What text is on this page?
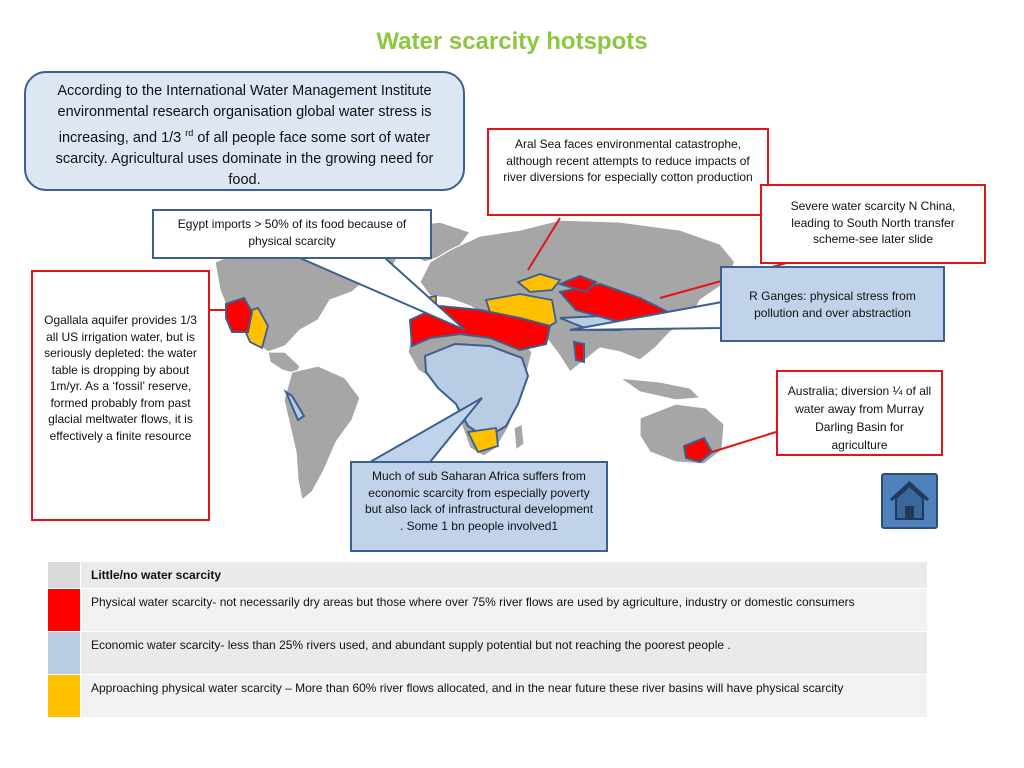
Water scarcity hotspots
According to the International Water Management Institute environmental research organisation global water stress is increasing, and 1/3 $^{rd}$ of all people face some sort of water scarcity. Agricultural uses dominate in the growing need for food.
Egypt imports > 50% of its food because of physical scarcity
Aral Sea faces environmental catastrophe, although recent attempts to reduce impacts of river diversions for especially cotton production
Severe water scarcity N China, leading to South North transfer scheme-see later slide
R Ganges: physical stress from pollution and over abstraction
Ogallala aquifer provides 1/3 all US irrigation water, but is seriously depleted: the water table is dropping by about 1m/yr. As a ‘fossil’ reserve, formed probably from past glacial meltwater flows, it is effectively a finite resource
Australia; diversion ¼ of all water away from Murray Darling Basin for agriculture
Much of sub Saharan Africa suffers from economic scarcity from especially poverty but also lack of infrastructural development . Some 1 bn people involved1
	Little/no water scarcity
	Physical water scarcity- not necessarily dry areas but those where over 75% river flows are used by agriculture, industry or domestic consumers
	Economic water scarcity- less than 25% rivers used, and abundant supply potential but not reaching the poorest people .
	Approaching physical water scarcity – More than 60% river flows allocated, and in the near future these river basins will have physical scarcity
